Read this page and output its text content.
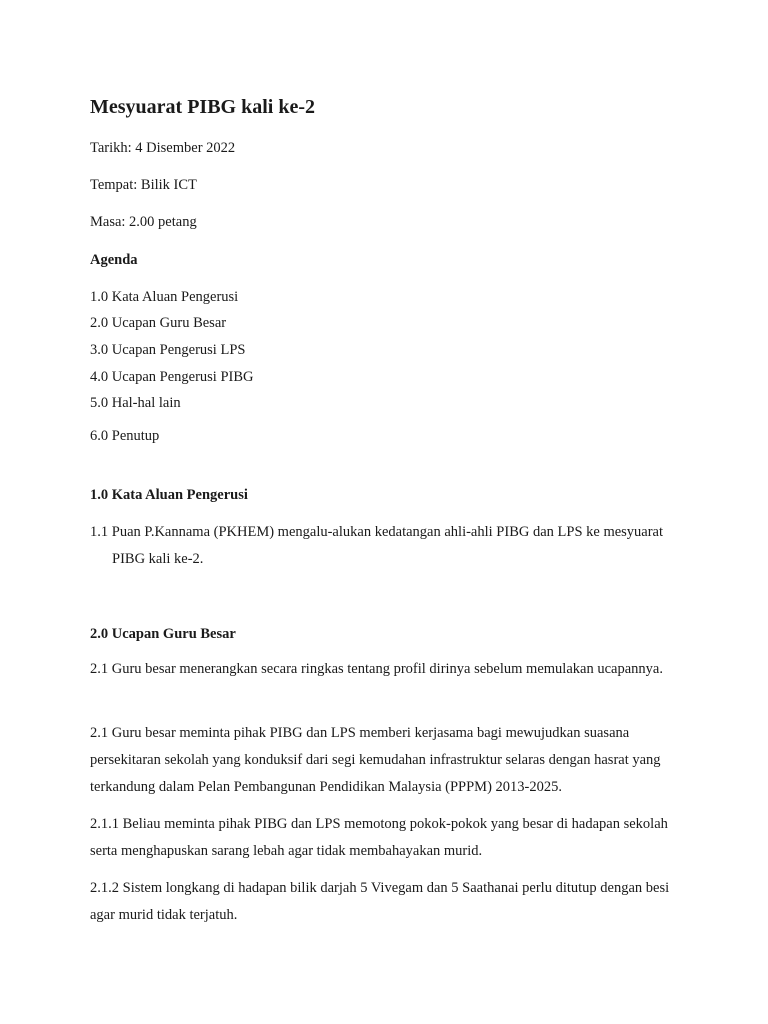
Mesyuarat PIBG kali ke-2
Tarikh: 4 Disember 2022
Tempat: Bilik ICT
Masa: 2.00 petang
Agenda
1.0 Kata Aluan Pengerusi
2.0 Ucapan Guru Besar
3.0 Ucapan Pengerusi LPS
4.0 Ucapan Pengerusi PIBG
5.0 Hal-hal lain
6.0 Penutup
1.0 Kata Aluan Pengerusi
1.1 Puan P.Kannama (PKHEM) mengalu-alukan kedatangan ahli-ahli PIBG dan LPS ke mesyuarat PIBG kali ke-2.
2.0 Ucapan Guru Besar
2.1 Guru besar menerangkan secara ringkas tentang profil dirinya sebelum memulakan ucapannya.
2.1 Guru besar meminta pihak PIBG dan LPS memberi kerjasama bagi mewujudkan suasana persekitaran sekolah yang konduksif dari segi kemudahan infrastruktur selaras dengan hasrat yang terkandung dalam Pelan Pembangunan Pendidikan Malaysia (PPPM) 2013-2025.
2.1.1 Beliau meminta pihak PIBG dan LPS memotong pokok-pokok yang besar di hadapan sekolah serta menghapuskan sarang lebah agar tidak membahayakan murid.
2.1.2 Sistem longkang di hadapan bilik darjah 5 Vivegam dan 5 Saathanai perlu ditutup dengan besi agar murid tidak terjatuh.
